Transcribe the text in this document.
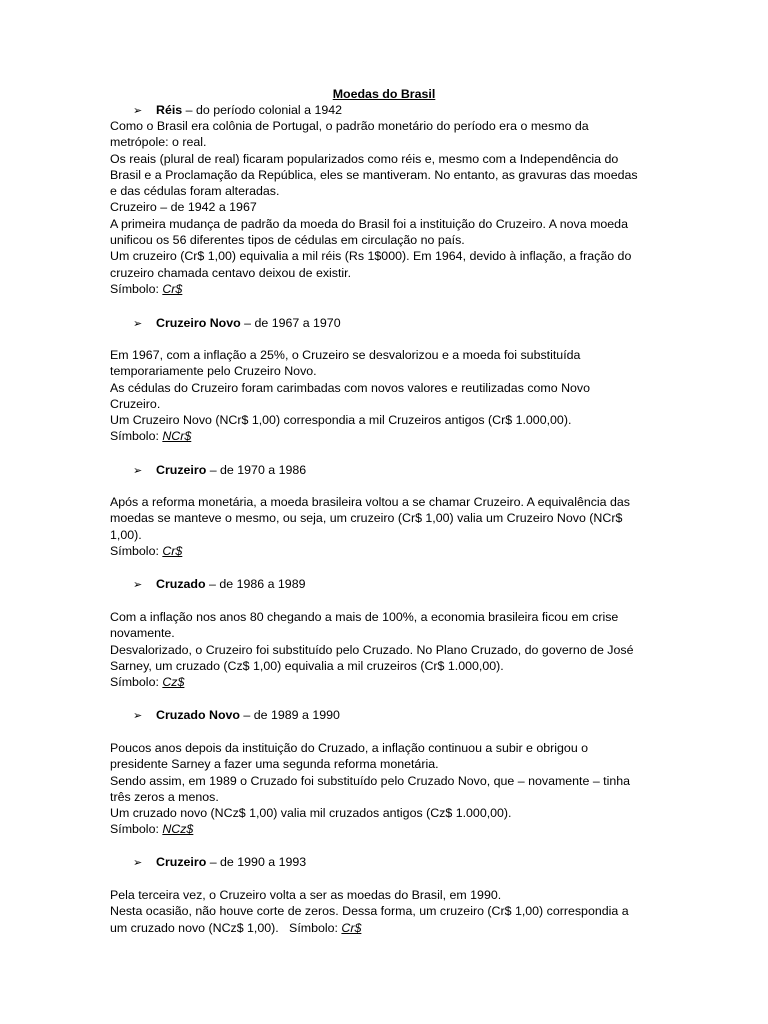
Moedas do Brasil
➢ Réis – do período colonial a 1942
Como o Brasil era colônia de Portugal, o padrão monetário do período era o mesmo da
metrópole: o real.
Os reais (plural de real) ficaram popularizados como réis e, mesmo com a Independência do
Brasil e a Proclamação da República, eles se mantiveram. No entanto, as gravuras das moedas
e das cédulas foram alteradas.
Cruzeiro – de 1942 a 1967
A primeira mudança de padrão da moeda do Brasil foi a instituição do Cruzeiro. A nova moeda
unificou os 56 diferentes tipos de cédulas em circulação no país.
Um cruzeiro (Cr$ 1,00) equivalia a mil réis (Rs 1$000). Em 1964, devido à inflação, a fração do
cruzeiro chamada centavo deixou de existir.
Símbolo: Cr$
➢ Cruzeiro Novo – de 1967 a 1970
Em 1967, com a inflação a 25%, o Cruzeiro se desvalorizou e a moeda foi substituída
temporariamente pelo Cruzeiro Novo.
As cédulas do Cruzeiro foram carimbadas com novos valores e reutilizadas como Novo
Cruzeiro.
Um Cruzeiro Novo (NCr$ 1,00) correspondia a mil Cruzeiros antigos (Cr$ 1.000,00).
Símbolo: NCr$
➢ Cruzeiro – de 1970 a 1986
Após a reforma monetária, a moeda brasileira voltou a se chamar Cruzeiro. A equivalência das
moedas se manteve o mesmo, ou seja, um cruzeiro (Cr$ 1,00) valia um Cruzeiro Novo (NCr$
1,00).
Símbolo: Cr$
➢ Cruzado – de 1986 a 1989
Com a inflação nos anos 80 chegando a mais de 100%, a economia brasileira ficou em crise
novamente.
Desvalorizado, o Cruzeiro foi substituído pelo Cruzado. No Plano Cruzado, do governo de José
Sarney, um cruzado (Cz$ 1,00) equivalia a mil cruzeiros (Cr$ 1.000,00).
Símbolo: Cz$
➢ Cruzado Novo – de 1989 a 1990
Poucos anos depois da instituição do Cruzado, a inflação continuou a subir e obrigou o
presidente Sarney a fazer uma segunda reforma monetária.
Sendo assim, em 1989 o Cruzado foi substituído pelo Cruzado Novo, que – novamente – tinha
três zeros a menos.
Um cruzado novo (NCz$ 1,00) valia mil cruzados antigos (Cz$ 1.000,00).
Símbolo: NCz$
➢ Cruzeiro – de 1990 a 1993
Pela terceira vez, o Cruzeiro volta a ser as moedas do Brasil, em 1990.
Nesta ocasião, não houve corte de zeros. Dessa forma, um cruzeiro (Cr$ 1,00) correspondia a
um cruzado novo (NCz$ 1,00).   Símbolo: Cr$
